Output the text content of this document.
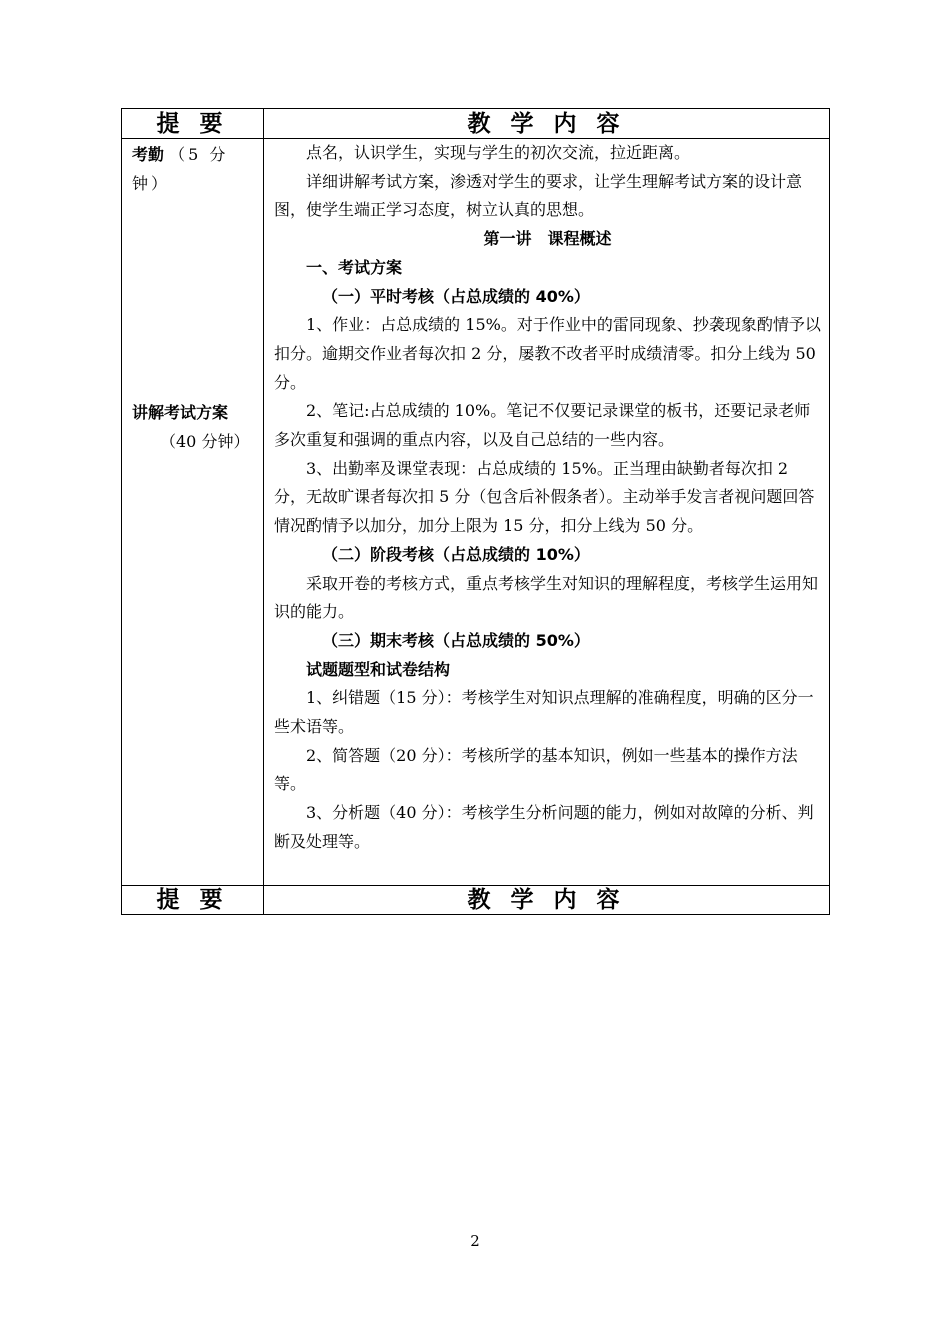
提 要	教 学 内 容
考勤 （5 分钟）
讲解考试方案
（40 分钟）

点名，认识学生，实现与学生的初次交流，拉近距离。

详细讲解考试方案，渗透对学生的要求，让学生理解考试方案的设计意图，使学生端正学习态度，树立认真的思想。

第一讲　课程概述

一、考试方案

（一）平时考核（占总成绩的 40%）

1、作业：占总成绩的 15%。对于作业中的雷同现象、抄袭现象酌情予以扣分。逾期交作业者每次扣 2 分，屡教不改者平时成绩清零。扣分上线为 50 分。

2、笔记:占总成绩的 10%。笔记不仅要记录课堂的板书，还要记录老师多次重复和强调的重点内容，以及自己总结的一些内容。

3、出勤率及课堂表现：占总成绩的 15%。正当理由缺勤者每次扣 2 分，无故旷课者每次扣 5 分（包含后补假条者）。主动举手发言者视问题回答情况酌情予以加分，加分上限为 15 分，扣分上线为 50 分。

（二）阶段考核（占总成绩的 10%）

采取开卷的考核方式，重点考核学生对知识的理解程度，考核学生运用知识的能力。

（三）期末考核（占总成绩的 50%）

试题题型和试卷结构

1、纠错题（15 分）：考核学生对知识点理解的准确程度，明确的区分一些术语等。

2、简答题（20 分）：考核所学的基本知识，例如一些基本的操作方法等。

3、分析题（40 分）：考核学生分析问题的能力，例如对故障的分析、判断及处理等。

提 要	教 学 内 容
2
